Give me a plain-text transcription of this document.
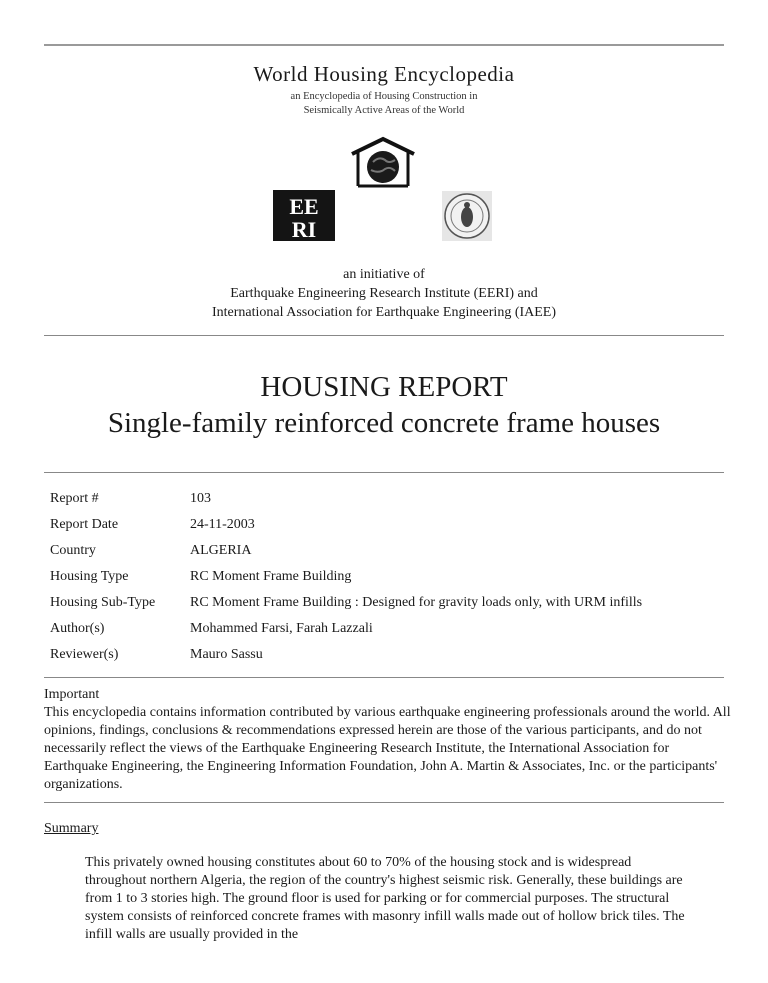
World Housing Encyclopedia
an Encyclopedia of Housing Construction in
Seismically Active Areas of the World
EE
RI
an initiative of
Earthquake Engineering Research Institute (EERI) and
International Association for Earthquake Engineering (IAEE)
HOUSING REPORT
Single-family reinforced concrete frame houses
Report #	103
Report Date	24-11-2003
Country	ALGERIA
Housing Type	RC Moment Frame Building
Housing Sub-Type	RC Moment Frame Building : Designed for gravity loads only, with URM infills
Author(s)	Mohammed Farsi, Farah Lazzali
Reviewer(s)	Mauro Sassu
Important
This encyclopedia contains information contributed by various earthquake engineering professionals around the world. All opinions, findings, conclusions & recommendations expressed herein are those of the various participants, and do not necessarily reflect the views of the Earthquake Engineering Research Institute, the International Association for Earthquake Engineering, the Engineering Information Foundation, John A. Martin & Associates, Inc. or the participants' organizations.
Summary
This privately owned housing constitutes about 60 to 70% of the housing stock and is widespread throughout northern Algeria, the region of the country's highest seismic risk. Generally, these buildings are from 1 to 3 stories high. The ground floor is used for parking or for commercial purposes. The structural system consists of reinforced concrete frames with masonry infill walls made out of hollow brick tiles. The infill walls are usually provided in the
